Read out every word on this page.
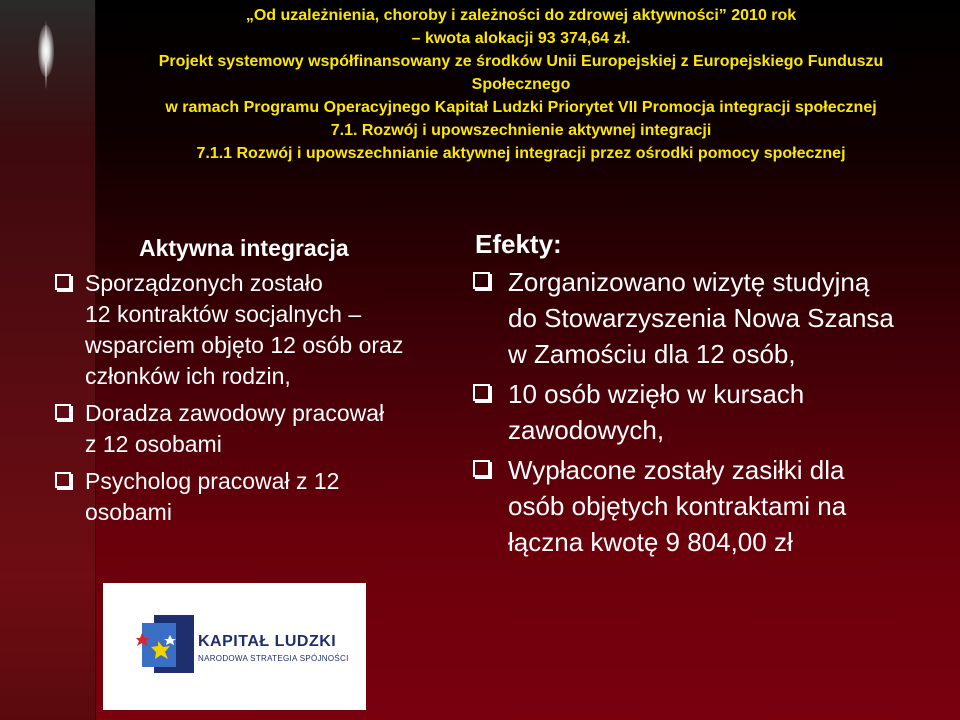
„Od uzależnienia, choroby i zależności do zdrowej aktywności” 2010 rok
– kwota alokacji 93 374,64 zł.
Projekt systemowy współfinansowany ze środków Unii Europejskiej z Europejskiego Funduszu
Społecznego
w ramach Programu Operacyjnego Kapitał Ludzki Priorytet VII Promocja integracji społecznej
7.1. Rozwój i upowszechnienie aktywnej integracji
7.1.1 Rozwój i upowszechnianie aktywnej integracji przez ośrodki pomocy społecznej
Aktywna integracja
Sporządzonych zostało
12 kontraktów socjalnych –
wsparciem objęto 12 osób oraz
członków ich rodzin,
Doradza zawodowy pracował
z 12 osobami
Psycholog pracował z 12
osobami
Efekty:
Zorganizowano wizytę studyjną
do Stowarzyszenia Nowa Szansa
w Zamościu dla 12 osób,
10 osób wzięło w kursach
zawodowych,
Wypłacone zostały zasiłki dla
osób objętych kontraktami na
łączna kwotę 9 804,00 zł
KAPITAŁ LUDZKI
NARODOWA STRATEGIA SPÓJNOŚCI
